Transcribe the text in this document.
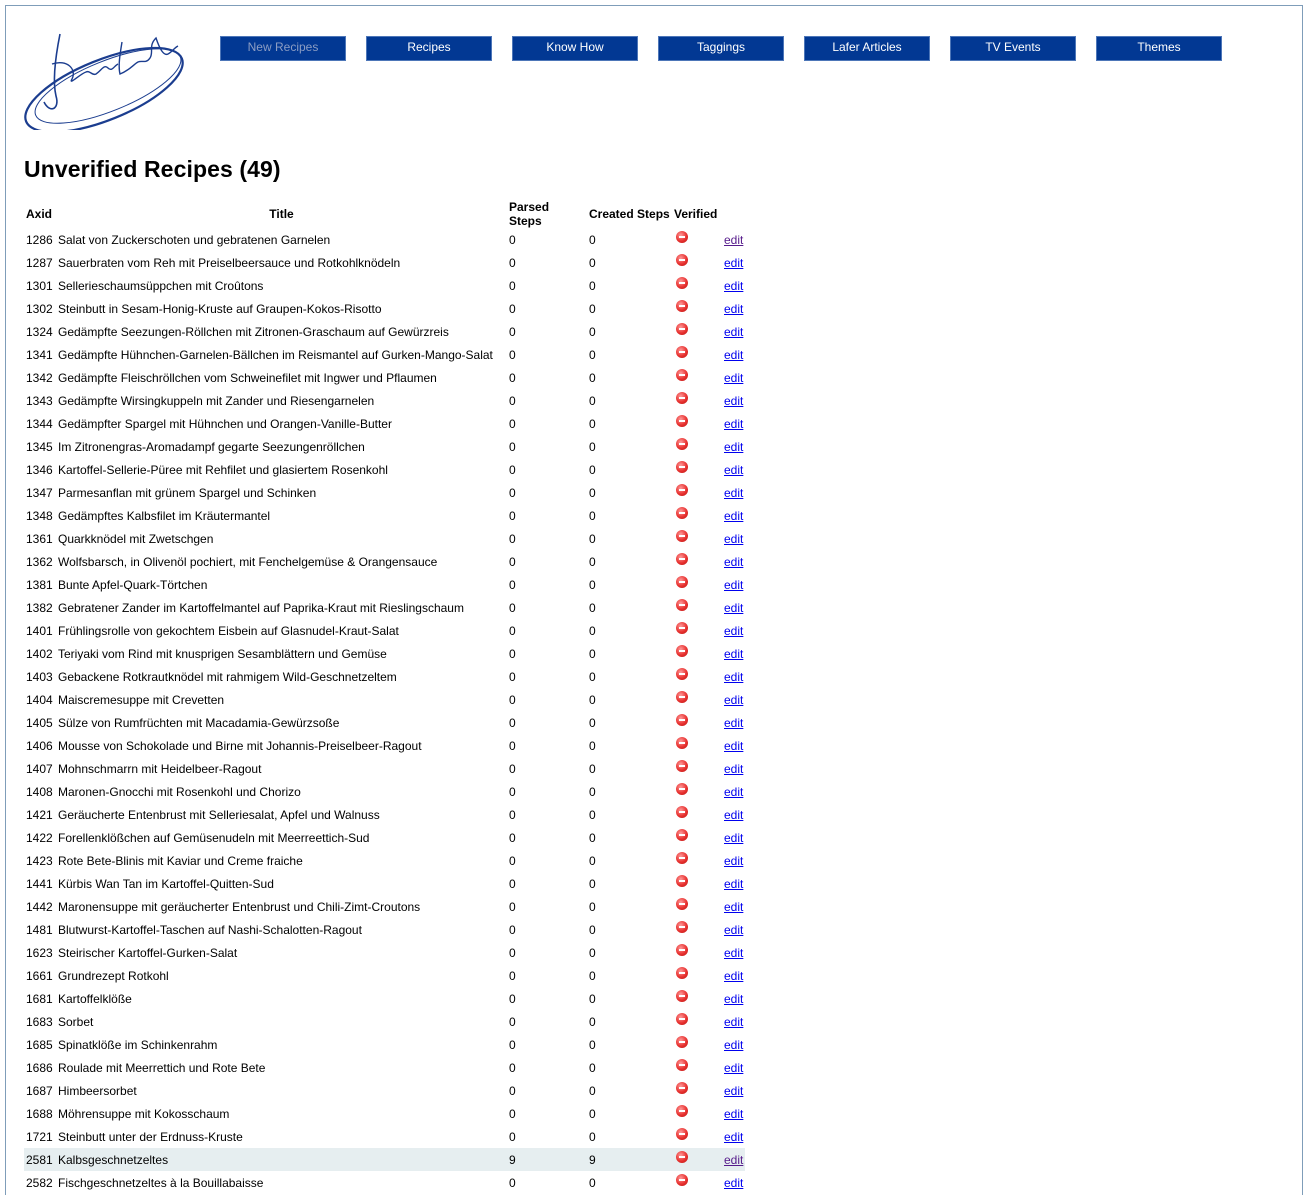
New Recipes	Recipes	Know How	Taggings	Lafer Articles	TV Events	Themes
Unverified Recipes (49)
Axid	Title	Parsed Steps	Created Steps	Verified	
1286	Salat von Zuckerschoten und gebratenen Garnelen	0	0		edit
1287	Sauerbraten vom Reh mit Preiselbeersauce und Rotkohlknödeln	0	0		edit
1301	Sellerieschaumsüppchen mit Croûtons	0	0		edit
1302	Steinbutt in Sesam-Honig-Kruste auf Graupen-Kokos-Risotto	0	0		edit
1324	Gedämpfte Seezungen-Röllchen mit Zitronen-Graschaum auf Gewürzreis	0	0		edit
1341	Gedämpfte Hühnchen-Garnelen-Bällchen im Reismantel auf Gurken-Mango-Salat	0	0		edit
1342	Gedämpfte Fleischröllchen vom Schweinefilet mit Ingwer und Pflaumen	0	0		edit
1343	Gedämpfte Wirsingkuppeln mit Zander und Riesengarnelen	0	0		edit
1344	Gedämpfter Spargel mit Hühnchen und Orangen-Vanille-Butter	0	0		edit
1345	Im Zitronengras-Aromadampf gegarte Seezungenröllchen	0	0		edit
1346	Kartoffel-Sellerie-Püree mit Rehfilet und glasiertem Rosenkohl	0	0		edit
1347	Parmesanflan mit grünem Spargel und Schinken	0	0		edit
1348	Gedämpftes Kalbsfilet im Kräutermantel	0	0		edit
1361	Quarkknödel mit Zwetschgen	0	0		edit
1362	Wolfsbarsch, in Olivenöl pochiert, mit Fenchelgemüse & Orangensauce	0	0		edit
1381	Bunte Apfel-Quark-Törtchen	0	0		edit
1382	Gebratener Zander im Kartoffelmantel auf Paprika-Kraut mit Rieslingschaum	0	0		edit
1401	Frühlingsrolle von gekochtem Eisbein auf Glasnudel-Kraut-Salat	0	0		edit
1402	Teriyaki vom Rind mit knusprigen Sesamblättern und Gemüse	0	0		edit
1403	Gebackene Rotkrautknödel mit rahmigem Wild-Geschnetzeltem	0	0		edit
1404	Maiscremesuppe mit Crevetten	0	0		edit
1405	Sülze von Rumfrüchten mit Macadamia-Gewürzsoße	0	0		edit
1406	Mousse von Schokolade und Birne mit Johannis-Preiselbeer-Ragout	0	0		edit
1407	Mohnschmarrn mit Heidelbeer-Ragout	0	0		edit
1408	Maronen-Gnocchi mit Rosenkohl und Chorizo	0	0		edit
1421	Geräucherte Entenbrust mit Selleriesalat, Apfel und Walnuss	0	0		edit
1422	Forellenklößchen auf Gemüsenudeln mit Meerreettich-Sud	0	0		edit
1423	Rote Bete-Blinis mit Kaviar und Creme fraiche	0	0		edit
1441	Kürbis Wan Tan im Kartoffel-Quitten-Sud	0	0		edit
1442	Maronensuppe mit geräucherter Entenbrust und Chili-Zimt-Croutons	0	0		edit
1481	Blutwurst-Kartoffel-Taschen auf Nashi-Schalotten-Ragout	0	0		edit
1623	Steirischer Kartoffel-Gurken-Salat	0	0		edit
1661	Grundrezept Rotkohl	0	0		edit
1681	Kartoffelklöße	0	0		edit
1683	Sorbet	0	0		edit
1685	Spinatklöße im Schinkenrahm	0	0		edit
1686	Roulade mit Meerrettich und Rote Bete	0	0		edit
1687	Himbeersorbet	0	0		edit
1688	Möhrensuppe mit Kokosschaum	0	0		edit
1721	Steinbutt unter der Erdnuss-Kruste	0	0		edit
2581	Kalbsgeschnetzeltes	9	9		edit
2582	Fischgeschnetzeltes à la Bouillabaisse	0	0		edit
